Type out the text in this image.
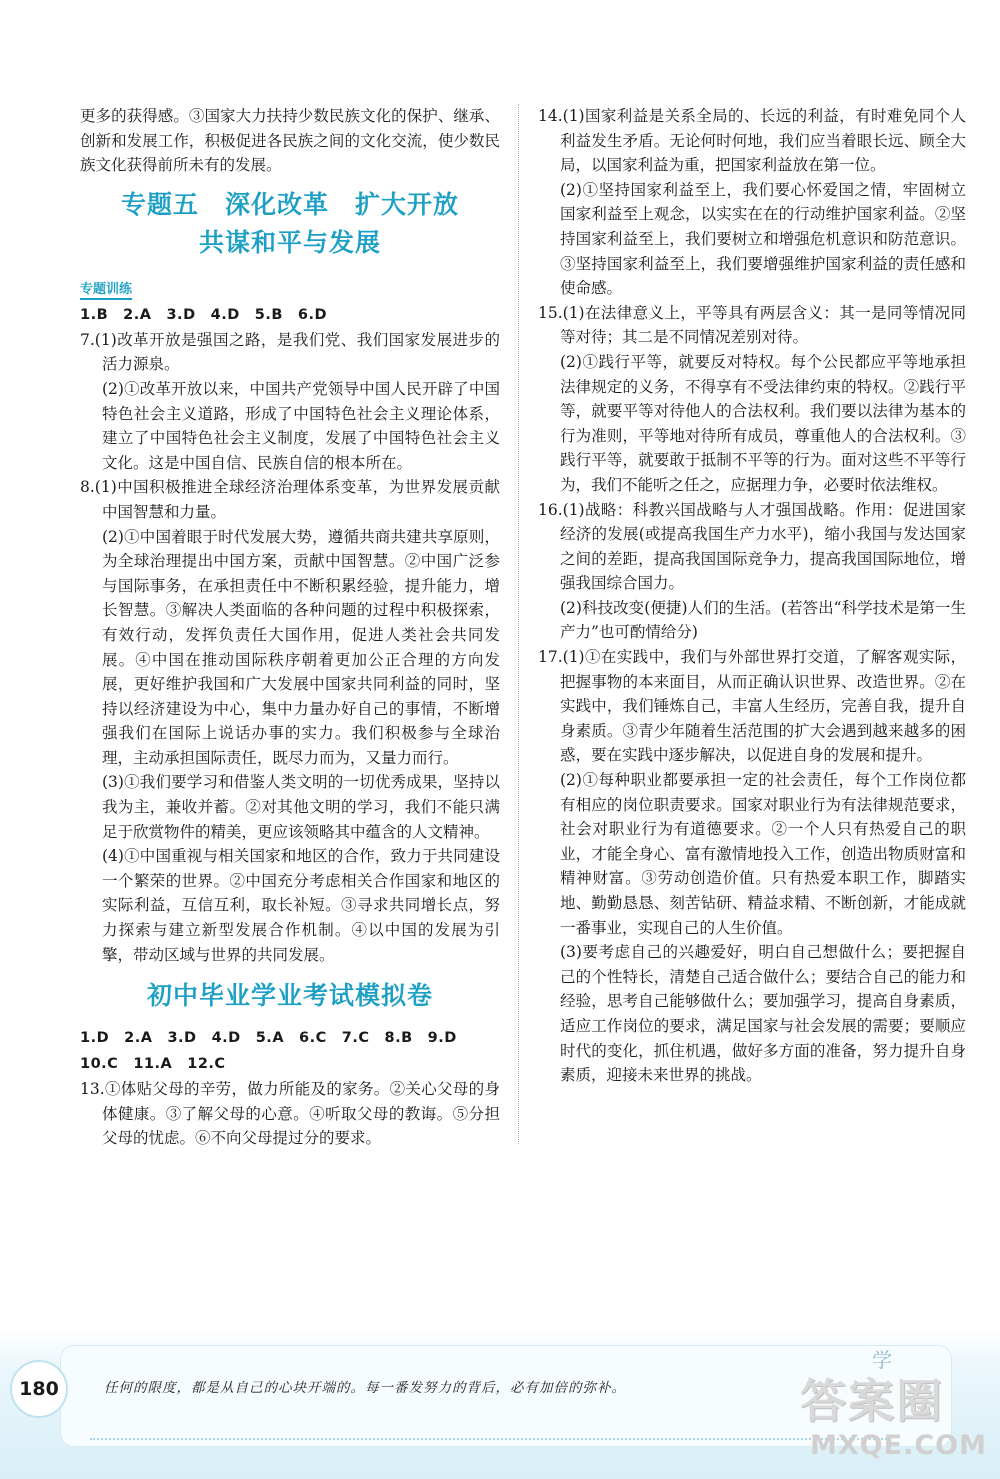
更多的获得感。③国家大力扶持少数民族文化的保护、继承、创新和发展工作，积极促进各民族之间的文化交流，使少数民族文化获得前所未有的发展。

专题五　深化改革　扩大开放
共谋和平与发展
专题训练

1.B　2.A　3.D　4.D　5.B　6.D

7.(1)改革开放是强国之路，是我们党、我们国家发展进步的活力源泉。

(2)①改革开放以来，中国共产党领导中国人民开辟了中国特色社会主义道路，形成了中国特色社会主义理论体系，建立了中国特色社会主义制度，发展了中国特色社会主义文化。这是中国自信、民族自信的根本所在。

8.(1)中国积极推进全球经济治理体系变革，为世界发展贡献中国智慧和力量。

(2)①中国着眼于时代发展大势，遵循共商共建共享原则，为全球治理提出中国方案，贡献中国智慧。②中国广泛参与国际事务，在承担责任中不断积累经验，提升能力，增长智慧。③解决人类面临的各种问题的过程中积极探索，有效行动，发挥负责任大国作用，促进人类社会共同发展。④中国在推动国际秩序朝着更加公正合理的方向发展，更好维护我国和广大发展中国家共同利益的同时，坚持以经济建设为中心，集中力量办好自己的事情，不断增强我们在国际上说话办事的实力。我们积极参与全球治理，主动承担国际责任，既尽力而为，又量力而行。

(3)①我们要学习和借鉴人类文明的一切优秀成果，坚持以我为主，兼收并蓄。②对其他文明的学习，我们不能只满足于欣赏物件的精美，更应该领略其中蕴含的人文精神。

(4)①中国重视与相关国家和地区的合作，致力于共同建设一个繁荣的世界。②中国充分考虑相关合作国家和地区的实际利益，互信互利，取长补短。③寻求共同增长点，努力探索与建立新型发展合作机制。④以中国的发展为引擎，带动区域与世界的共同发展。

初中毕业学业考试模拟卷

1.D　2.A　3.D　4.D　5.A　6.C　7.C　8.B　9.D

10.C　11.A　12.C

13.①体贴父母的辛劳，做力所能及的家务。②关心父母的身体健康。③了解父母的心意。④听取父母的教诲。⑤分担父母的忧虑。⑥不向父母提过分的要求。

14.(1)国家利益是关系全局的、长远的利益，有时难免同个人利益发生矛盾。无论何时何地，我们应当着眼长远、顾全大局，以国家利益为重，把国家利益放在第一位。

(2)①坚持国家利益至上，我们要心怀爱国之情，牢固树立国家利益至上观念，以实实在在的行动维护国家利益。②坚持国家利益至上，我们要树立和增强危机意识和防范意识。③坚持国家利益至上，我们要增强维护国家利益的责任感和使命感。

15.(1)在法律意义上，平等具有两层含义：其一是同等情况同等对待；其二是不同情况差别对待。

(2)①践行平等，就要反对特权。每个公民都应平等地承担法律规定的义务，不得享有不受法律约束的特权。②践行平等，就要平等对待他人的合法权利。我们要以法律为基本的行为准则，平等地对待所有成员，尊重他人的合法权利。③践行平等，就要敢于抵制不平等的行为。面对这些不平等行为，我们不能听之任之，应据理力争，必要时依法维权。

16.(1)战略：科教兴国战略与人才强国战略。作用：促进国家经济的发展(或提高我国生产力水平)，缩小我国与发达国家之间的差距，提高我国国际竞争力，提高我国国际地位，增强我国综合国力。

(2)科技改变(便捷)人们的生活。(若答出“科学技术是第一生产力”也可酌情给分)

17.(1)①在实践中，我们与外部世界打交道，了解客观实际，把握事物的本来面目，从而正确认识世界、改造世界。②在实践中，我们锤炼自己，丰富人生经历，完善自我，提升自身素质。③青少年随着生活范围的扩大会遇到越来越多的困惑，要在实践中逐步解决，以促进自身的发展和提升。

(2)①每种职业都要承担一定的社会责任，每个工作岗位都有相应的岗位职责要求。国家对职业行为有法律规范要求，社会对职业行为有道德要求。②一个人只有热爱自己的职业，才能全身心、富有激情地投入工作，创造出物质财富和精神财富。③劳动创造价值。只有热爱本职工作，脚踏实地、勤勤恳恳、刻苦钻研、精益求精、不断创新，才能成就一番事业，实现自己的人生价值。

(3)要考虑自己的兴趣爱好，明白自己想做什么；要把握自己的个性特长，清楚自己适合做什么；要结合自己的能力和经验，思考自己能够做什么；要加强学习，提高自身素质，适应工作岗位的要求，满足国家与社会发展的需要；要顺应时代的变化，抓住机遇，做好多方面的准备，努力提升自身素质，迎接未来世界的挑战。

180	任何的限度，都是从自己的心块开端的。每一番发努力的背后，必有加倍的弥补。
学
答案圈
MXQE.COM
